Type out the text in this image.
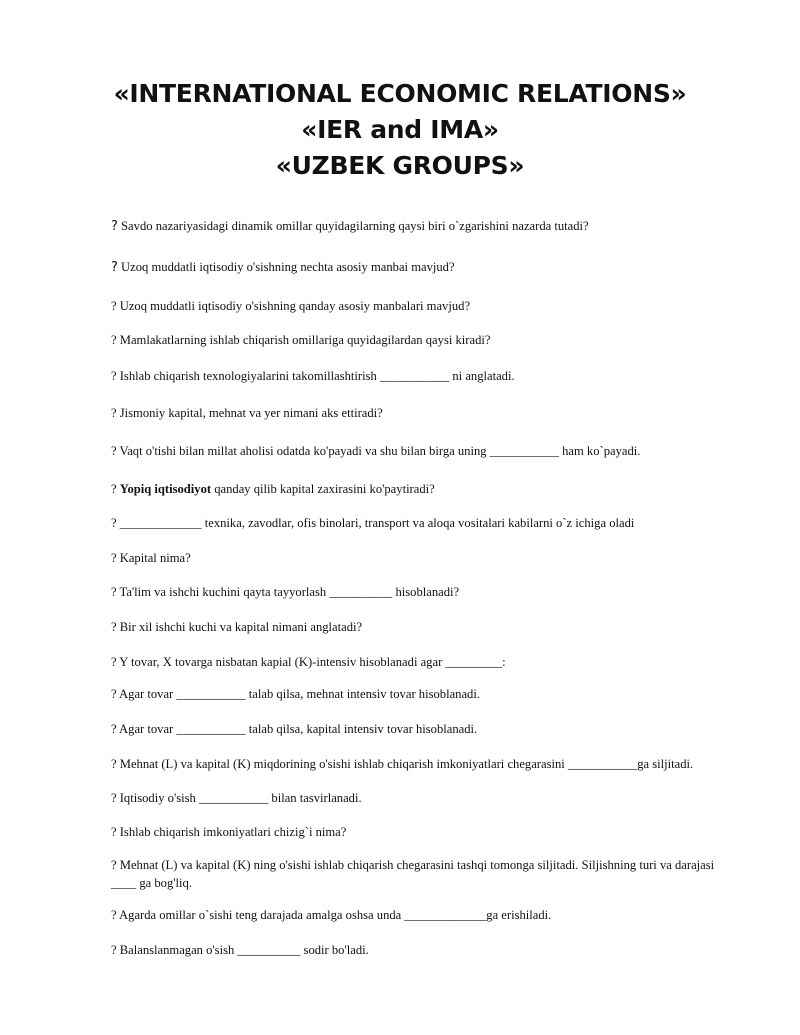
«INTERNATIONAL ECONOMIC RELATIONS»
«IER and IMA»
«UZBEK GROUPS»
? Savdo nazariyasidagi dinamik omillar quyidagilarning qaysi biri o`zgarishini nazarda tutadi?
? Uzoq muddatli iqtisodiy o'sishning nechta asosiy manbai mavjud?
? Uzoq muddatli iqtisodiy o'sishning qanday asosiy manbalari mavjud?
? Mamlakatlarning ishlab chiqarish omillariga quyidagilardan qaysi kiradi?
? Ishlab chiqarish texnologiyalarini takomillashtirish ___________ ni anglatadi.
? Jismoniy kapital, mehnat va yer nimani aks ettiradi?
? Vaqt o'tishi bilan millat aholisi odatda ko'payadi va shu bilan birga uning ___________ ham ko`payadi.
? Yopiq iqtisodiyot qanday qilib kapital zaxirasini ko'paytiradi?
? _____________ texnika, zavodlar, ofis binolari, transport va aloqa vositalari kabilarni o`z ichiga oladi
? Kapital nima?
? Ta'lim va ishchi kuchini qayta tayyorlash __________ hisoblanadi?
? Bir xil ishchi kuchi va kapital nimani anglatadi?
? Y tovar, X tovarga nisbatan kapial (K)-intensiv hisoblanadi agar _________:
? Agar tovar ___________ talab qilsa, mehnat intensiv tovar hisoblanadi.
? Agar tovar ___________ talab qilsa, kapital intensiv tovar hisoblanadi.
? Mehnat (L) va kapital (K) miqdorining o'sishi ishlab chiqarish imkoniyatlari chegarasini ___________ga siljitadi.
? Iqtisodiy o'sish ___________ bilan tasvirlanadi.
? Ishlab chiqarish imkoniyatlari chizig`i nima?
? Mehnat (L) va kapital (K) ning o'sishi ishlab chiqarish chegarasini tashqi tomonga siljitadi. Siljishning turi va darajasi ____ ga bog'liq.
? Agarda omillar o`sishi teng darajada amalga oshsa unda _____________ga erishiladi.
? Balanslanmagan o'sish __________ sodir bo'ladi.
